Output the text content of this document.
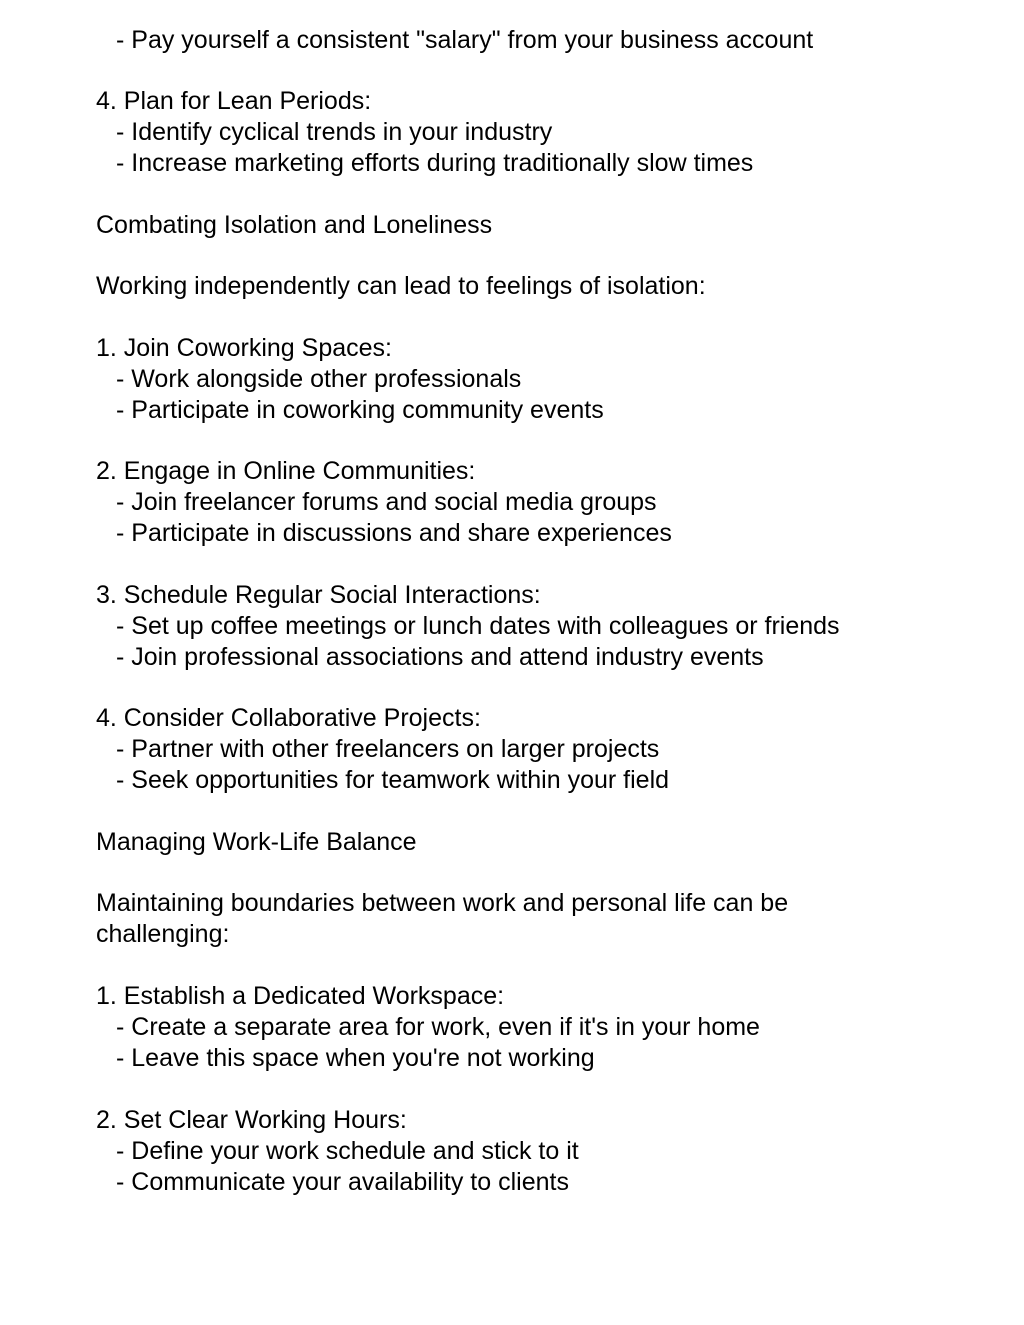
- Pay yourself a consistent "salary" from your business account

4. Plan for Lean Periods:

- Identify cyclical trends in your industry

- Increase marketing efforts during traditionally slow times

Combating Isolation and Loneliness

Working independently can lead to feelings of isolation:

1. Join Coworking Spaces:

- Work alongside other professionals

- Participate in coworking community events

2. Engage in Online Communities:

- Join freelancer forums and social media groups

- Participate in discussions and share experiences

3. Schedule Regular Social Interactions:

- Set up coffee meetings or lunch dates with colleagues or friends

- Join professional associations and attend industry events

4. Consider Collaborative Projects:

- Partner with other freelancers on larger projects

- Seek opportunities for teamwork within your field

Managing Work-Life Balance

Maintaining boundaries between work and personal life can be

challenging:

1. Establish a Dedicated Workspace:

- Create a separate area for work, even if it's in your home

- Leave this space when you're not working

2. Set Clear Working Hours:

- Define your work schedule and stick to it

- Communicate your availability to clients
